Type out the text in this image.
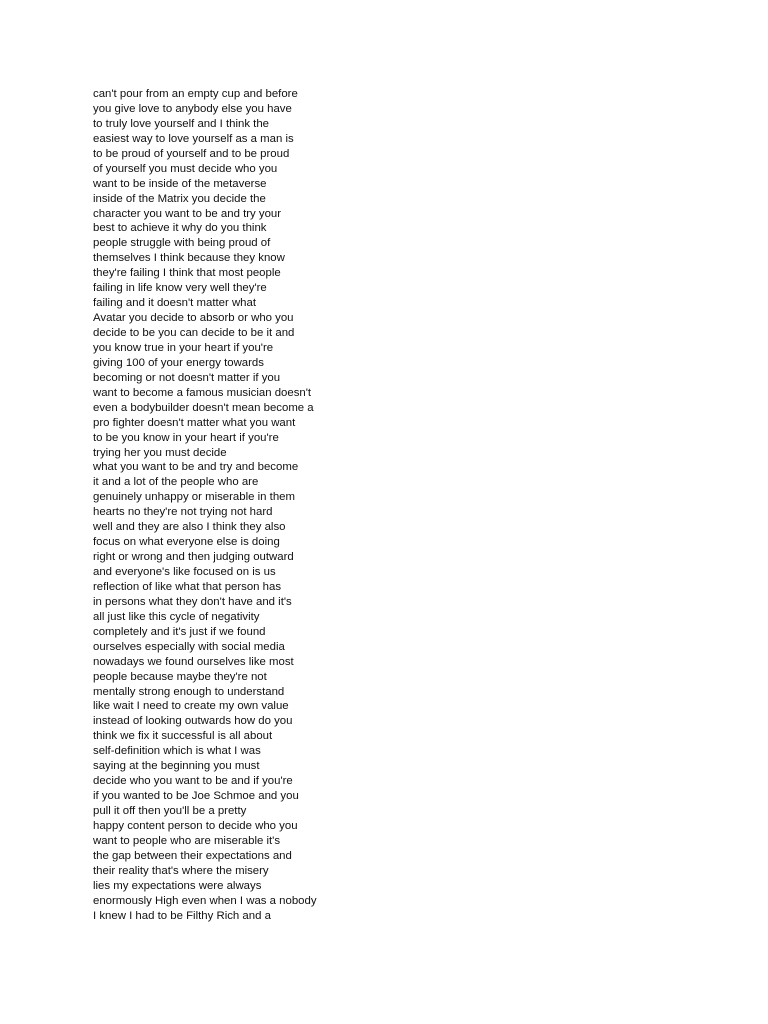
can't pour from an empty cup and before
you give love to anybody else you have
to truly love yourself and I think the
easiest way to love yourself as a man is
to be proud of yourself and to be proud
of yourself you must decide who you
want to be inside of the metaverse
inside of the Matrix you decide the
character you want to be and try your
best to achieve it why do you think
people struggle with being proud of
themselves I think because they know
they're failing I think that most people
failing in life know very well they're
failing and it doesn't matter what
Avatar you decide to absorb or who you
decide to be you can decide to be it and
you know true in your heart if you're
giving 100 of your energy towards
becoming or not doesn't matter if you
want to become a famous musician doesn't
even a bodybuilder doesn't mean become a
pro fighter doesn't matter what you want
to be you know in your heart if you're
trying her you must decide
what you want to be and try and become
it and a lot of the people who are
genuinely unhappy or miserable in them
hearts no they're not trying not hard
well and they are also I think they also
focus on what everyone else is doing
right or wrong and then judging outward
and everyone's like focused on is us
reflection of like what that person has
in persons what they don't have and it's
all just like this cycle of negativity
completely and it's just if we found
ourselves especially with social media
nowadays we found ourselves like most
people because maybe they're not
mentally strong enough to understand
like wait I need to create my own value
instead of looking outwards how do you
think we fix it successful is all about
self-definition which is what I was
saying at the beginning you must
decide who you want to be and if you're
if you wanted to be Joe Schmoe and you
pull it off then you'll be a pretty
happy content person to decide who you
want to people who are miserable it's
the gap between their expectations and
their reality that's where the misery
lies my expectations were always
enormously High even when I was a nobody
I knew I had to be Filthy Rich and a
